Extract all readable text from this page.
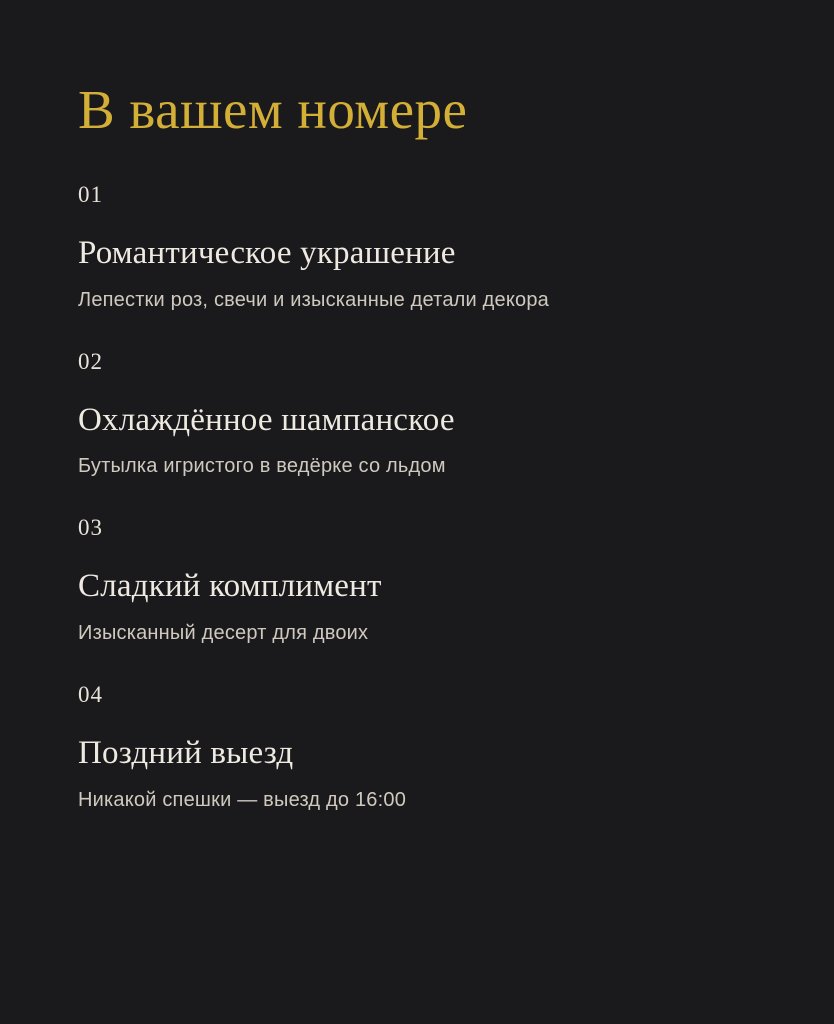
В вашем номере
01
Романтическое украшение
Лепестки роз, свечи и изысканные детали декора
02
Охлаждённое шампанское
Бутылка игристого в ведёрке со льдом
03
Сладкий комплимент
Изысканный десерт для двоих
04
Поздний выезд
Никакой спешки — выезд до 16:00
